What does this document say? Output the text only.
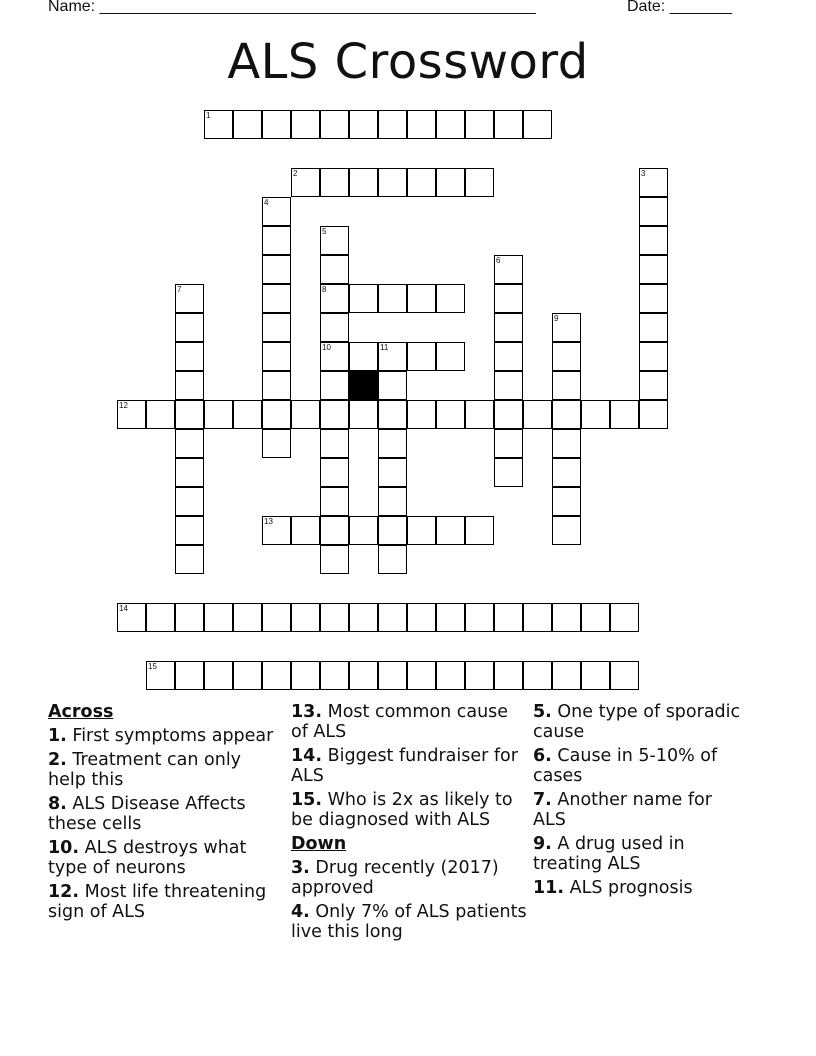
Name: _________________________________________________	Date: _______
ALS Crossword
1
2
8
10	11
12
13
14
15
3
4
5
6
7
9
Across
1. First symptoms appear
2. Treatment can only help this
8. ALS Disease Affects these cells
10. ALS destroys what type of neurons
12. Most life threatening sign of ALS
13. Most common cause of ALS
14. Biggest fundraiser for ALS
15. Who is 2x as likely to be diagnosed with ALS
Down
3. Drug recently (2017) approved
4. Only 7% of ALS patients live this long
5. One type of sporadic cause
6. Cause in 5-10% of cases
7. Another name for ALS
9. A drug used in treating ALS
11. ALS prognosis
